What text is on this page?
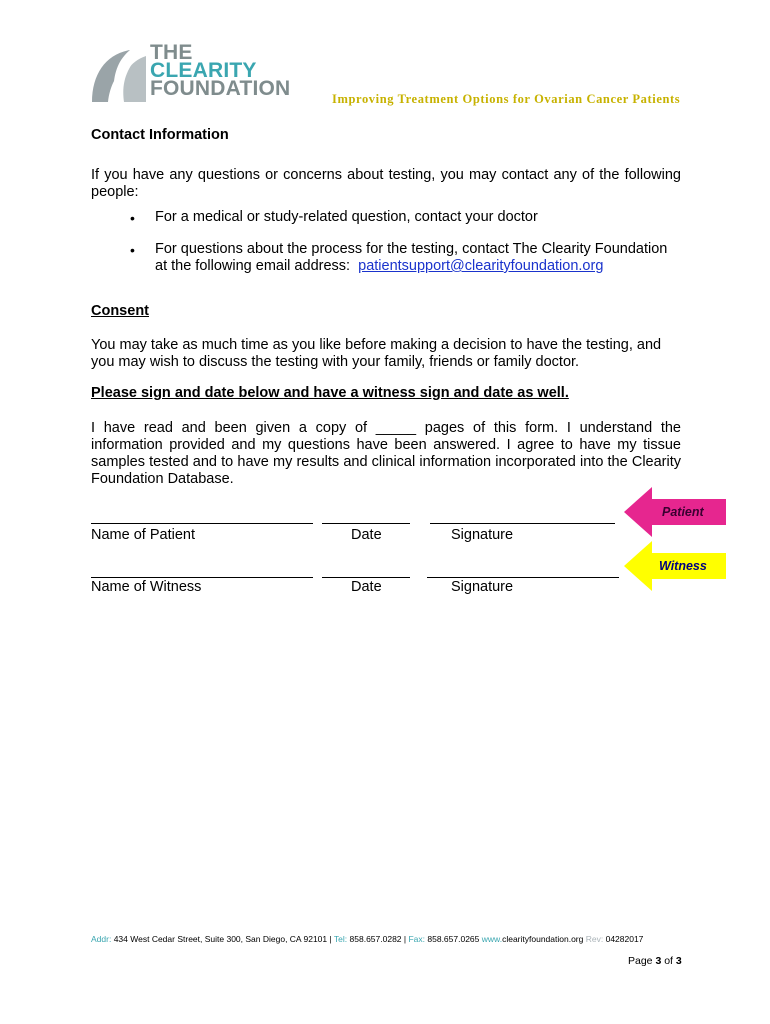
THE
CLEARITY
FOUNDATION	Improving Treatment Options for Ovarian Cancer Patients
Contact Information
If you have any questions or concerns about testing, you may contact any of the following people:
• For a medical or study-related question, contact your doctor
• For questions about the process for the testing, contact The Clearity Foundation at the following email address: patientsupport@clearityfoundation.org
Consent
You may take as much time as you like before making a decision to have the testing, and you may wish to discuss the testing with your family, friends or family doctor.
Please sign and date below and have a witness sign and date as well.
I have read and been given a copy of _____ pages of this form. I understand the information provided and my questions have been answered. I agree to have my tissue samples tested and to have my results and clinical information incorporated into the Clearity Foundation Database.
Name of Patient	Date	Signature
Patient
Name of Witness	Date	Signature
Witness
Addr: 434 West Cedar Street, Suite 300, San Diego, CA 92101 | Tel: 858.657.0282 | Fax: 858.657.0265 www.clearityfoundation.org Rev: 04282017
Page 3 of 3
